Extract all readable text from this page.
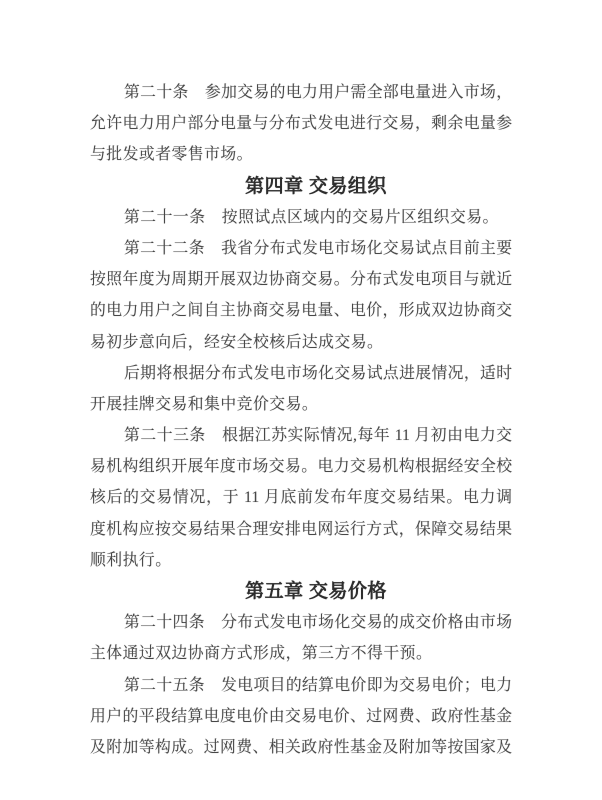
第二十条　参加交易的电力用户需全部电量进入市场，
允许电力用户部分电量与分布式发电进行交易，剩余电量参
与批发或者零售市场。
第四章 交易组织
第二十一条　按照试点区域内的交易片区组织交易。
第二十二条　我省分布式发电市场化交易试点目前主要
按照年度为周期开展双边协商交易。分布式发电项目与就近
的电力用户之间自主协商交易电量、电价，形成双边协商交
易初步意向后，经安全校核后达成交易。
后期将根据分布式发电市场化交易试点进展情况，适时
开展挂牌交易和集中竞价交易。
第二十三条　根据江苏实际情况,每年 11 月初由电力交
易机构组织开展年度市场交易。电力交易机构根据经安全校
核后的交易情况，于 11 月底前发布年度交易结果。电力调
度机构应按交易结果合理安排电网运行方式，保障交易结果
顺利执行。
第五章 交易价格
第二十四条　分布式发电市场化交易的成交价格由市场
主体通过双边协商方式形成，第三方不得干预。
第二十五条　发电项目的结算电价即为交易电价；电力
用户的平段结算电度电价由交易电价、过网费、政府性基金
及附加等构成。过网费、相关政府性基金及附加等按国家及
